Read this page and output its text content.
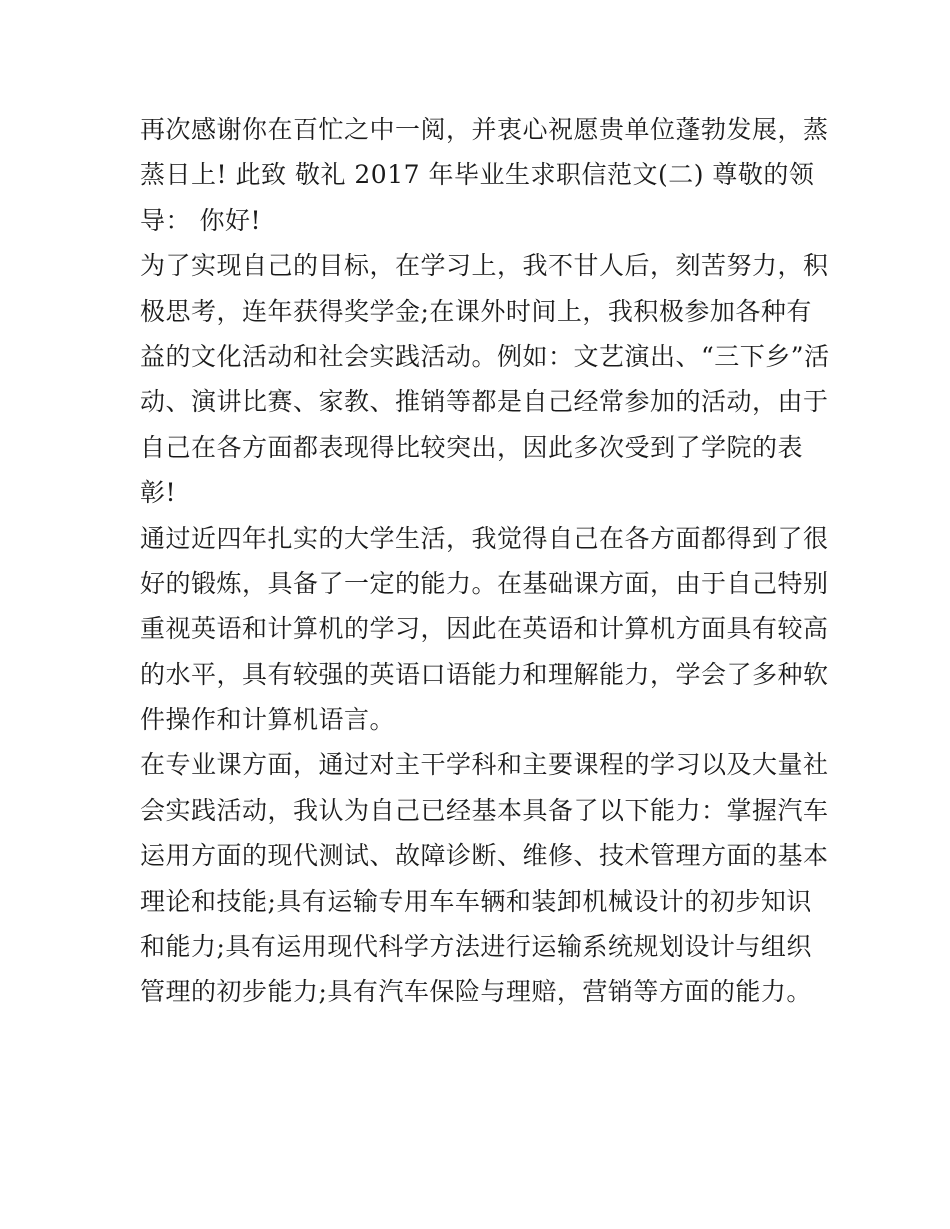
再次感谢你在百忙之中一阅，并衷心祝愿贵单位蓬勃发展，蒸
蒸日上! 此致 敬礼 2017 年毕业生求职信范文(二) 尊敬的领
导： 你好!
为了实现自己的目标，在学习上，我不甘人后，刻苦努力，积
极思考，连年获得奖学金;在课外时间上，我积极参加各种有
益的文化活动和社会实践活动。例如：文艺演出、“三下乡”活
动、演讲比赛、家教、推销等都是自己经常参加的活动，由于
自己在各方面都表现得比较突出，因此多次受到了学院的表
彰!
通过近四年扎实的大学生活，我觉得自己在各方面都得到了很
好的锻炼，具备了一定的能力。在基础课方面，由于自己特别
重视英语和计算机的学习，因此在英语和计算机方面具有较高
的水平，具有较强的英语口语能力和理解能力，学会了多种软
件操作和计算机语言。
在专业课方面，通过对主干学科和主要课程的学习以及大量社
会实践活动，我认为自己已经基本具备了以下能力：掌握汽车
运用方面的现代测试、故障诊断、维修、技术管理方面的基本
理论和技能;具有运输专用车车辆和装卸机械设计的初步知识
和能力;具有运用现代科学方法进行运输系统规划设计与组织
管理的初步能力;具有汽车保险与理赔，营销等方面的能力。
